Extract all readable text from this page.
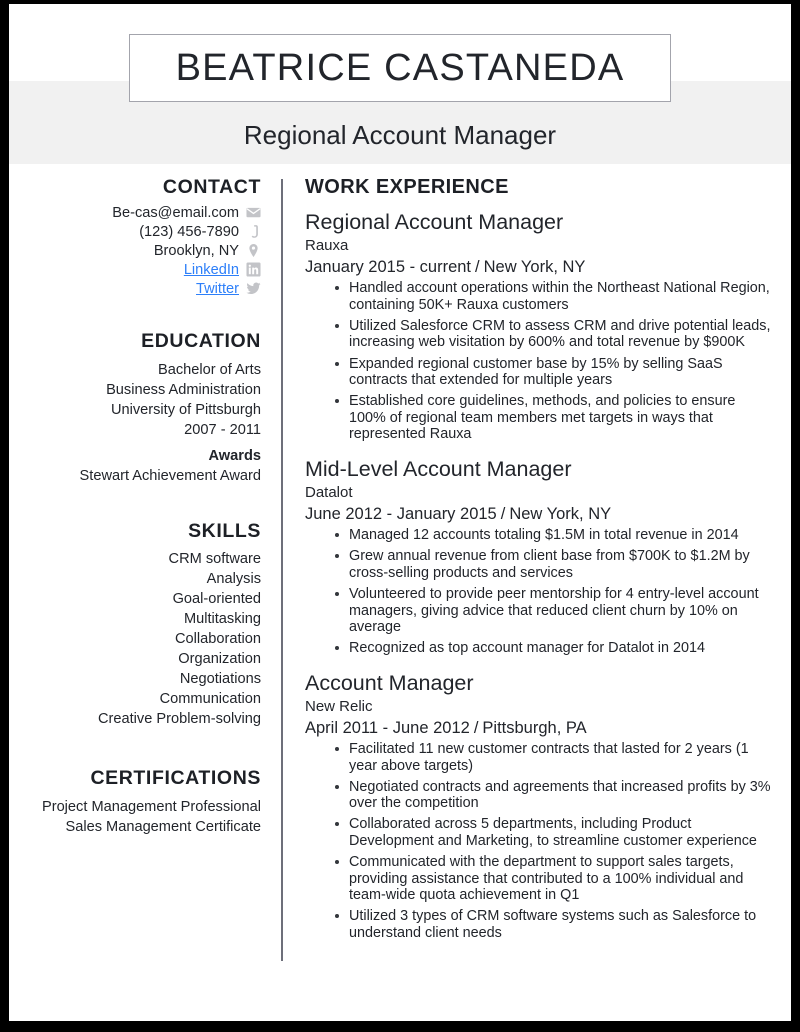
BEATRICE CASTANEDA
Regional Account Manager
CONTACT
Be-cas@email.com
(123) 456-7890
Brooklyn, NY
LinkedIn
Twitter
EDUCATION
Bachelor of Arts
Business Administration
University of Pittsburgh
2007 - 2011
Awards
Stewart Achievement Award
SKILLS
CRM software
Analysis
Goal-oriented
Multitasking
Collaboration
Organization
Negotiations
Communication
Creative Problem-solving
CERTIFICATIONS
Project Management Professional
Sales Management Certificate
WORK EXPERIENCE
Regional Account Manager
Rauxa
January 2015 - current / New York, NY
Handled account operations within the Northeast National Region, containing 50K+ Rauxa customers
Utilized Salesforce CRM to assess CRM and drive potential leads, increasing web visitation by 600% and total revenue by $900K
Expanded regional customer base by 15% by selling SaaS contracts that extended for multiple years
Established core guidelines, methods, and policies to ensure 100% of regional team members met targets in ways that represented Rauxa
Mid-Level Account Manager
Datalot
June 2012 - January 2015 / New York, NY
Managed 12 accounts totaling $1.5M in total revenue in 2014
Grew annual revenue from client base from $700K to $1.2M by cross-selling products and services
Volunteered to provide peer mentorship for 4 entry-level account managers, giving advice that reduced client churn by 10% on average
Recognized as top account manager for Datalot in 2014
Account Manager
New Relic
April 2011 - June 2012 / Pittsburgh, PA
Facilitated 11 new customer contracts that lasted for 2 years (1 year above targets)
Negotiated contracts and agreements that increased profits by 3% over the competition
Collaborated across 5 departments, including Product Development and Marketing, to streamline customer experience
Communicated with the department to support sales targets, providing assistance that contributed to a 100% individual and team-wide quota achievement in Q1
Utilized 3 types of CRM software systems such as Salesforce to understand client needs
